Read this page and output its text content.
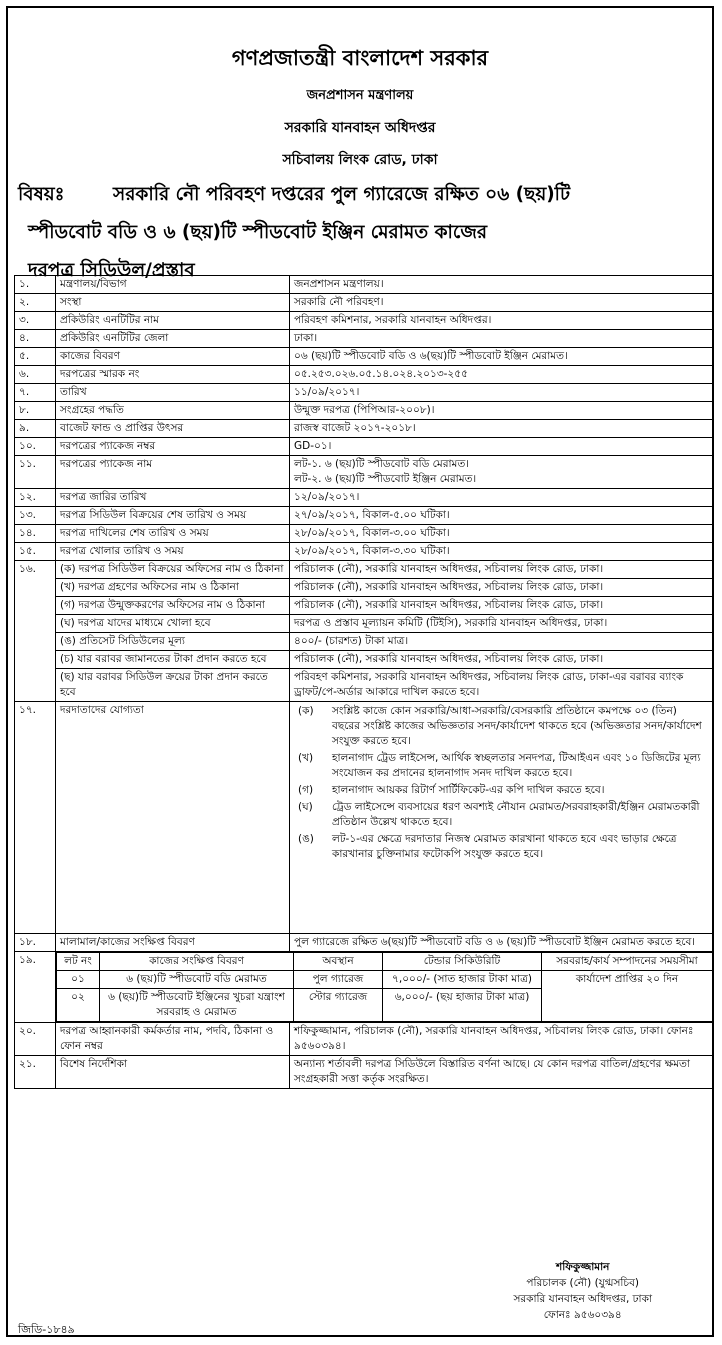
গণপ্রজাতন্ত্রী বাংলাদেশ সরকার
জনপ্রশাসন মন্ত্রণালয়
সরকারি যানবাহন অধিদপ্তর
সচিবালয় লিংক রোড, ঢাকা
বিষয়ঃ	সরকারি নৌ পরিবহণ দপ্তরের পুল গ্যারেজে রক্ষিত ০৬ (ছয়)টি
স্পীডবোট বডি ও ৬ (ছয়)টি স্পীডবোট ইঞ্জিন মেরামত কাজের
দরপত্র সিডিউল/প্রস্তাব
১.	মন্ত্রণালয়/বিভাগ	জনপ্রশাসন মন্ত্রণালয়।
২.	সংস্থা	সরকারি নৌ পরিবহণ।
৩.	প্রকিউরিং এনটিটির নাম	পরিবহণ কমিশনার, সরকারি যানবাহন অধিদপ্তর।
৪.	প্রকিউরিং এনটিটির জেলা	ঢাকা।
৫.	কাজের বিবরণ	০৬ (ছয়)টি স্পীডবোট বডি ও ৬(ছয়)টি স্পীডবোট ইঞ্জিন মেরামত।
৬.	দরপত্রের স্মারক নং	০৫.২৫৩.০২৬.০৫.১৪.০২৪.২০১৩-২৫৫
৭.	তারিখ	১১/০৯/২০১৭।
৮.	সংগ্রহের পদ্ধতি	উন্মুক্ত দরপত্র (পিপিআর-২০০৮)।
৯.	বাজেট ফান্ড ও প্রাপ্তির উৎসর	রাজস্ব বাজেট ২০১৭-২০১৮।
১০.	দরপত্রের প্যাকেজ নম্বর	GD-০১।
১১.	দরপত্রের প্যাকেজ নাম	লট-১. ৬ (ছয়)টি স্পীডবোট বডি মেরামত।
লট-২. ৬ (ছয়)টি স্পীডবোট ইঞ্জিন মেরামত।

১২.	দরপত্র জারির তারিখ	১২/০৯/২০১৭।
১৩.	দরপত্র সিডিউল বিক্রয়ের শেষ তারিখ ও সময়	২৭/০৯/২০১৭, বিকাল-৫.০০ ঘটিকা।
১৪.	দরপত্র দাখিলের শেষ তারিখ ও সময়	২৮/০৯/২০১৭, বিকাল-৩.০০ ঘটিকা।
১৫.	দরপত্র খোলার তারিখ ও সময়	২৮/০৯/২০১৭, বিকাল-৩.৩০ ঘটিকা।
১৬.	(ক) দরপত্র সিডিউল বিক্রয়ের অফিসের নাম ও ঠিকানা	পরিচালক (নৌ), সরকারি যানবাহন অধিদপ্তর, সচিবালয় লিংক রোড, ঢাকা।
(খ) দরপত্র গ্রহণের অফিসের নাম ও ঠিকানা	পরিচালক (নৌ), সরকারি যানবাহন অধিদপ্তর, সচিবালয় লিংক রোড, ঢাকা।
(গ) দরপত্র উন্মুক্তকরণের অফিসের নাম ও ঠিকানা	পরিচালক (নৌ), সরকারি যানবাহন অধিদপ্তর, সচিবালয় লিংক রোড, ঢাকা।
(ঘ) দরপত্র যাদের মাধ্যমে খোলা হবে	দরপত্র ও প্রস্তাব মূল্যায়ন কমিটি (টিইসি), সরকারি যানবাহন অধিদপ্তর, ঢাকা।
(ঙ) প্রতিসেট সিডিউলের মূল্য	৪০০/- (চারশত) টাকা মাত্র।
(চ) যার বরাবর জামানতের টাকা প্রদান করতে হবে	পরিচালক (নৌ), সরকারি যানবাহন অধিদপ্তর, সচিবালয় লিংক রোড, ঢাকা।
(ছ) যার বরাবর সিডিউল ক্রয়ের টাকা প্রদান করতে হবে	পরিবহণ কমিশনার, সরকারি যানবাহন অধিদপ্তর, সচিবালয় লিংক রোড, ঢাকা-এর বরাবর ব্যাংক ড্রাফট/পে-অর্ডার আকারে দাখিল করতে হবে।
১৭.	দরদাতাদের যোগ্যতা		(ক)	সংশ্লিষ্ট কাজে কোন সরকারি/আধা-সরকারি/বেসরকারি প্রতিষ্ঠানে কমপক্ষে ০৩ (তিন) বছরের সংশ্লিষ্ট কাজের অভিজ্ঞতার সনদ/কার্যাদেশ থাকতে হবে (অভিজ্ঞতার সনদ/কার্যাদেশ সংযুক্ত করতে হবে।
(খ)	হালনাগাদ ট্রেড লাইসেন্স, আর্থিক স্বচ্ছলতার সনদপত্র, টিআইএন এবং ১০ ডিজিটের মূল্য সংযোজন কর প্রদানের হালনাগাদ সনদ দাখিল করতে হবে।
(গ)	হালনাগাদ আয়কর রিটার্ণ সার্টিফিকেট-এর কপি দাখিল করতে হবে।
(ঘ)	ট্রেড লাইসেন্সে ব্যবসায়ের ধরণ অবশ্যই নৌযান মেরামত/সরবরাহকারী/ইঞ্জিন মেরামতকারী প্রতিষ্ঠান উল্লেখ থাকতে হবে।
(ঙ)	লট-১-এর ক্ষেত্রে দরদাতার নিজস্ব মেরামত কারখানা থাকতে হবে এবং ভাড়ার ক্ষেত্রে কারখানার চুক্তিনামার ফটোকপি সংযুক্ত করতে হবে।

১৮.	মালামাল/কাজের সংক্ষিপ্ত বিবরণ	পুল গ্যারেজে রক্ষিত ৬(ছয়)টি স্পীডবোট বডি ও ৬ (ছয়)টি স্পীডবোট ইঞ্জিন মেরামত করতে হবে।
১৯.		লট নং	কাজের সংক্ষিপ্ত বিবরণ	অবস্থান	টেন্ডার সিকিউরিটি	সরবরাহ/কার্য সম্পাদনের সময়সীমা
০১	৬ (ছয়)টি স্পীডবোট বডি মেরামত	পুল গ্যারেজ	৭,০০০/- (সাত হাজার টাকা মাত্র)	কার্যাদেশ প্রাপ্তির ২০ দিন
০২	৬ (ছয়)টি স্পীডবোট ইঞ্জিনের খুচরা যন্ত্রাংশ সরবরাহ ও মেরামত	স্টোর গ্যারেজ	৬,০০০/- (ছয় হাজার টাকা মাত্র)

২০.	দরপত্র আহ্বানকারী কর্মকর্তার নাম, পদবি, ঠিকানা ও ফোন নম্বর	শফিকুজ্জামান, পরিচালক (নৌ), সরকারি যানবাহন অধিদপ্তর, সচিবালয় লিংক রোড, ঢাকা। ফোনঃ ৯৫৬০৩৯৪।
২১.	বিশেষ নির্দেশিকা	অন্যান্য শর্তাবলী দরপত্র সিডিউলে বিস্তারিত বর্ণনা আছে। যে কোন দরপত্র বাতিল/গ্রহণের ক্ষমতা সংগ্রহকারী সত্তা কর্তৃক সংরক্ষিত।
শফিকুজ্জামান
পরিচালক (নৌ) (যুগ্মসচিব)
সরকারি যানবাহন অধিদপ্তর, ঢাকা
ফোনঃ ৯৫৬০৩৯৪
জিডি-১৮৪৯
